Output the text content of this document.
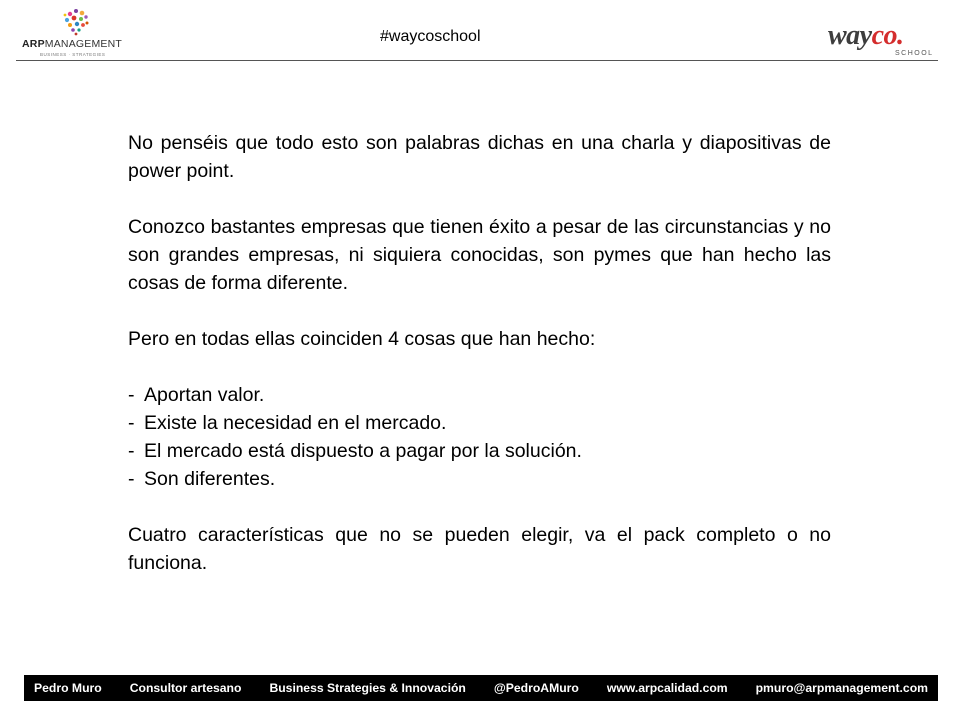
ARPMANAGEMENT
BUSINESS · STRATEGIES
#waycoschool	wayco.
SCHOOL

No penséis que todo esto son palabras dichas en una charla y diapositivas de power point.

Conozco bastantes empresas que tienen éxito a pesar de las circunstancias y no son grandes empresas, ni siquiera conocidas, son pymes que han hecho las cosas de forma diferente.

Pero en todas ellas coinciden 4 cosas que han hecho:

- Aportan valor.
- Existe la necesidad en el mercado.
- El mercado está dispuesto a pagar por la solución.
- Son diferentes.

Cuatro características que no se pueden elegir, va el pack completo o no funciona.

Pedro Muro Consultor artesano Business Strategies & Innovación @PedroAMuro www.arpcalidad.com pmuro@arpmanagement.com
